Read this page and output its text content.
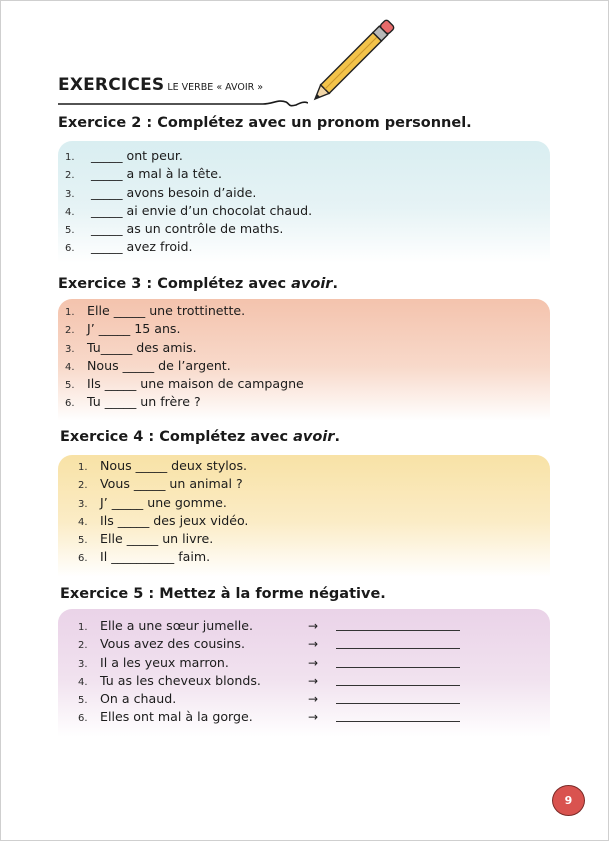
EXERCICES LE VERBE « AVOIR »
Exercice 2 : Complétez avec un pronom personnel.
1.	_____ ont peur.
2.	_____ a mal à la tête.
3.	_____ avons besoin d’aide.
4.	_____ ai envie d’un chocolat chaud.
5.	_____ as un contrôle de maths.
6.	_____ avez froid.
Exercice 3 : Complétez avec avoir.
1. Elle _____ une trottinette.
2. J’ _____ 15 ans.
3. Tu_____ des amis.
4. Nous _____ de l’argent.
5. Ils _____ une maison de campagne
6. Tu _____ un frère ?
Exercice 4 : Complétez avec avoir.
1. Nous _____ deux stylos.
2. Vous _____ un animal ?
3. J’ _____ une gomme.
4. Ils _____ des jeux vidéo.
5. Elle _____ un livre.
6. Il __________ faim.
Exercice 5 : Mettez à la forme négative.
1. Elle a une sœur jumelle.	→
2. Vous avez des cousins.	→
3. Il a les yeux marron.	→
4. Tu as les cheveux blonds.	→
5. On a chaud.	→
6. Elles ont mal à la gorge.	→
9
